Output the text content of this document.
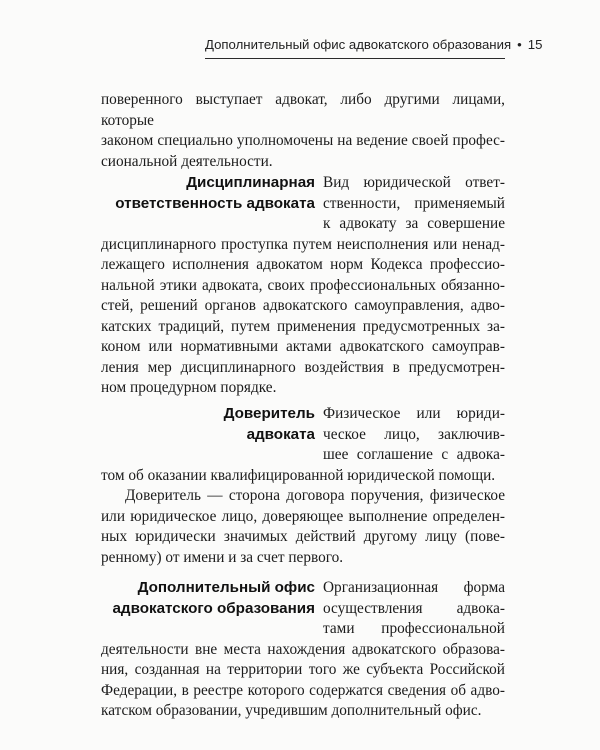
Дополнительный офис адвокатского образования • 15
поверенного выступает адвокат, либо другими лицами, которые
законом специально уполномочены на ведение своей профес-
сиональной деятельности.
Дисциплинарная
ответственность адвоката
Вид юридической ответ-
ственности, применяемый
к адвокату за совершение
дисциплинарного проступка путем неисполнения или ненад-
лежащего исполнения адвокатом норм Кодекса профессио-
нальной этики адвоката, своих профессиональных обязанно-
стей, решений органов адвокатского самоуправления, адво-
катских традиций, путем применения предусмотренных за-
коном или нормативными актами адвокатского самоуправ-
ления мер дисциплинарного воздействия в предусмотрен-
ном процедурном порядке.
Доверитель
адвоката
Физическое или юриди-
ческое лицо, заключив-
шее соглашение с адвока-
том об оказании квалифицированной юридической помощи.
Доверитель — сторона договора поручения, физическое
или юридическое лицо, доверяющее выполнение определен-
ных юридически значимых действий другому лицу (пове-
ренному) от имени и за счет первого.
Дополнительный офис
адвокатского образования
Организационная форма
осуществления адвока-
тами профессиональной
деятельности вне места нахождения адвокатского образова-
ния, созданная на территории того же субъекта Российской
Федерации, в реестре которого содержатся сведения об адво-
катском образовании, учредившим дополнительный офис.
